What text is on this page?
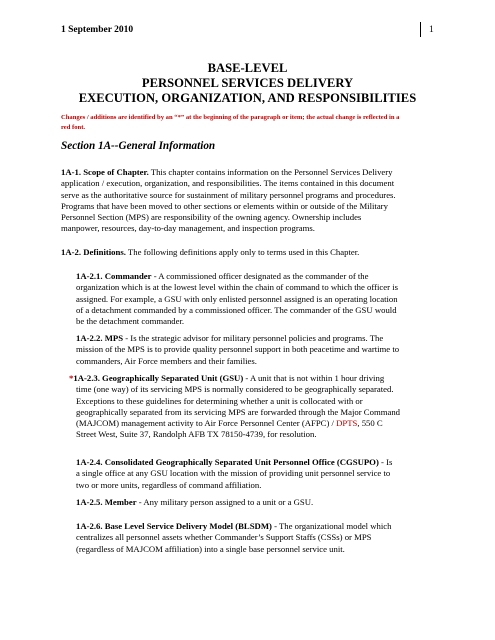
1 September 2010	1
BASE-LEVEL
PERSONNEL SERVICES DELIVERY
EXECUTION, ORGANIZATION, AND RESPONSIBILITIES
Changes / additions are identified by an “*” at the beginning of the paragraph or item; the actual change is reflected in a
red font.
Section 1A--General Information
1A-1. Scope of Chapter. This chapter contains information on the Personnel Services Delivery
application / execution, organization, and responsibilities. The items contained in this document
serve as the authoritative source for sustainment of military personnel programs and procedures.
Programs that have been moved to other sections or elements within or outside of the Military
Personnel Section (MPS) are responsibility of the owning agency. Ownership includes
manpower, resources, day-to-day management, and inspection programs.
1A-2. Definitions. The following definitions apply only to terms used in this Chapter.
1A-2.1. Commander - A commissioned officer designated as the commander of the
organization which is at the lowest level within the chain of command to which the officer is
assigned. For example, a GSU with only enlisted personnel assigned is an operating location
of a detachment commanded by a commissioned officer. The commander of the GSU would
be the detachment commander.
1A-2.2. MPS - Is the strategic advisor for military personnel policies and programs. The
mission of the MPS is to provide quality personnel support in both peacetime and wartime to
commanders, Air Force members and their families.
*1A-2.3. Geographically Separated Unit (GSU) - A unit that is not within 1 hour driving
time (one way) of its servicing MPS is normally considered to be geographically separated.
Exceptions to these guidelines for determining whether a unit is collocated with or
geographically separated from its servicing MPS are forwarded through the Major Command
(MAJCOM) management activity to Air Force Personnel Center (AFPC) / DPTS, 550 C
Street West, Suite 37, Randolph AFB TX 78150-4739, for resolution.
1A-2.4. Consolidated Geographically Separated Unit Personnel Office (CGSUPO) - Is
a single office at any GSU location with the mission of providing unit personnel service to
two or more units, regardless of command affiliation.
1A-2.5. Member - Any military person assigned to a unit or a GSU.
1A-2.6. Base Level Service Delivery Model (BLSDM) - The organizational model which
centralizes all personnel assets whether Commander’s Support Staffs (CSSs) or MPS
(regardless of MAJCOM affiliation) into a single base personnel service unit.
